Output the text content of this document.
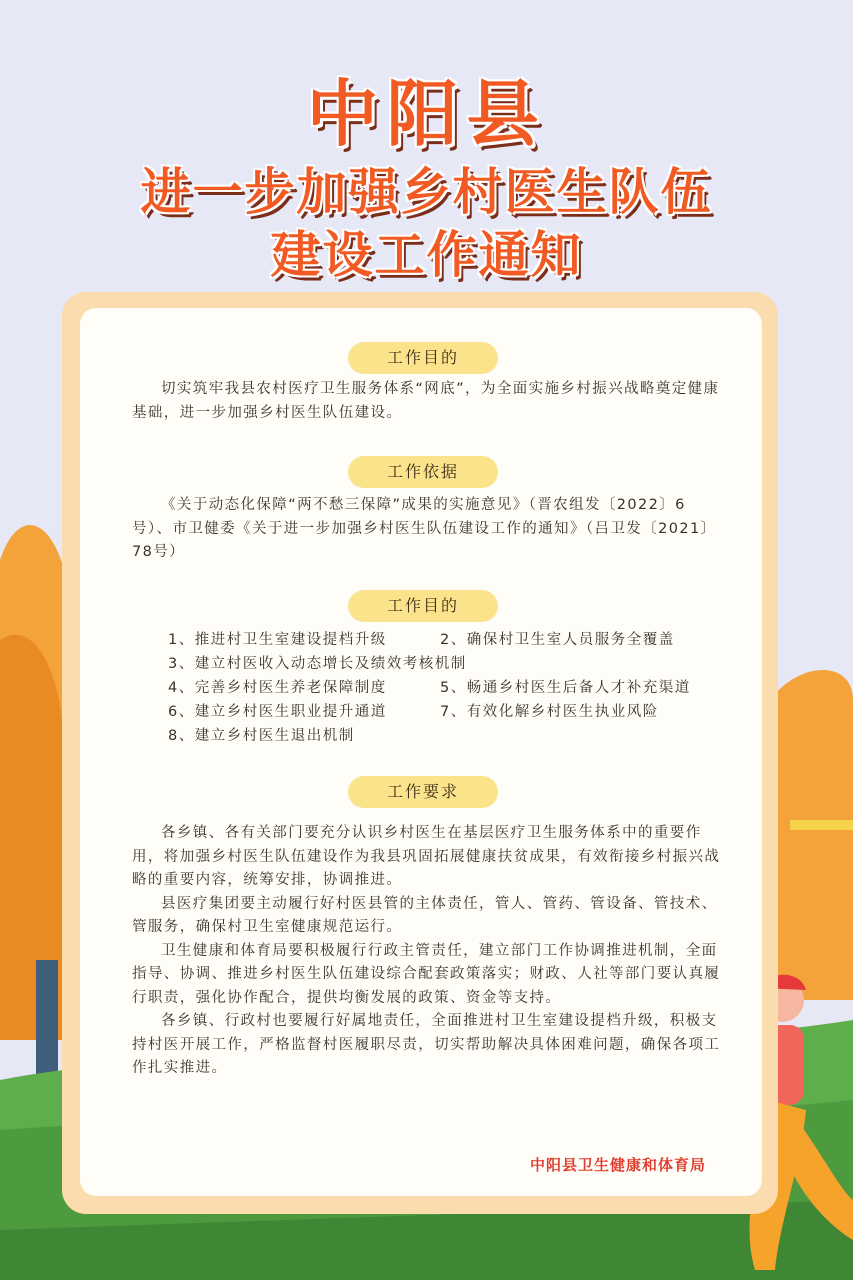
中阳县
进一步加强乡村医生队伍
建设工作通知
工作目的
切实筑牢我县农村医疗卫生服务体系“网底”，为全面实施乡村振兴战略奠定健康基础，进一步加强乡村医生队伍建设。
工作依据
《关于动态化保障“两不愁三保障”成果的实施意见》（晋农组发〔2022〕6号）、市卫健委《关于进一步加强乡村医生队伍建设工作的通知》（吕卫发〔2021〕78号）
工作目的
1、推进村卫生室建设提档升级	2、确保村卫生室人员服务全覆盖
3、建立村医收入动态增长及绩效考核机制
4、完善乡村医生养老保障制度	5、畅通乡村医生后备人才补充渠道
6、建立乡村医生职业提升通道	7、有效化解乡村医生执业风险
8、建立乡村医生退出机制
工作要求
各乡镇、各有关部门要充分认识乡村医生在基层医疗卫生服务体系中的重要作用，将加强乡村医生队伍建设作为我县巩固拓展健康扶贫成果，有效衔接乡村振兴战略的重要内容，统筹安排，协调推进。
县医疗集团要主动履行好村医县管的主体责任，管人、管药、管设备、管技术、管服务，确保村卫生室健康规范运行。
卫生健康和体育局要积极履行行政主管责任，建立部门工作协调推进机制，全面指导、协调、推进乡村医生队伍建设综合配套政策落实；财政、人社等部门要认真履行职责，强化协作配合，提供均衡发展的政策、资金等支持。
各乡镇、行政村也要履行好属地责任，全面推进村卫生室建设提档升级，积极支持村医开展工作，严格监督村医履职尽责，切实帮助解决具体困难问题，确保各项工作扎实推进。
中阳县卫生健康和体育局
